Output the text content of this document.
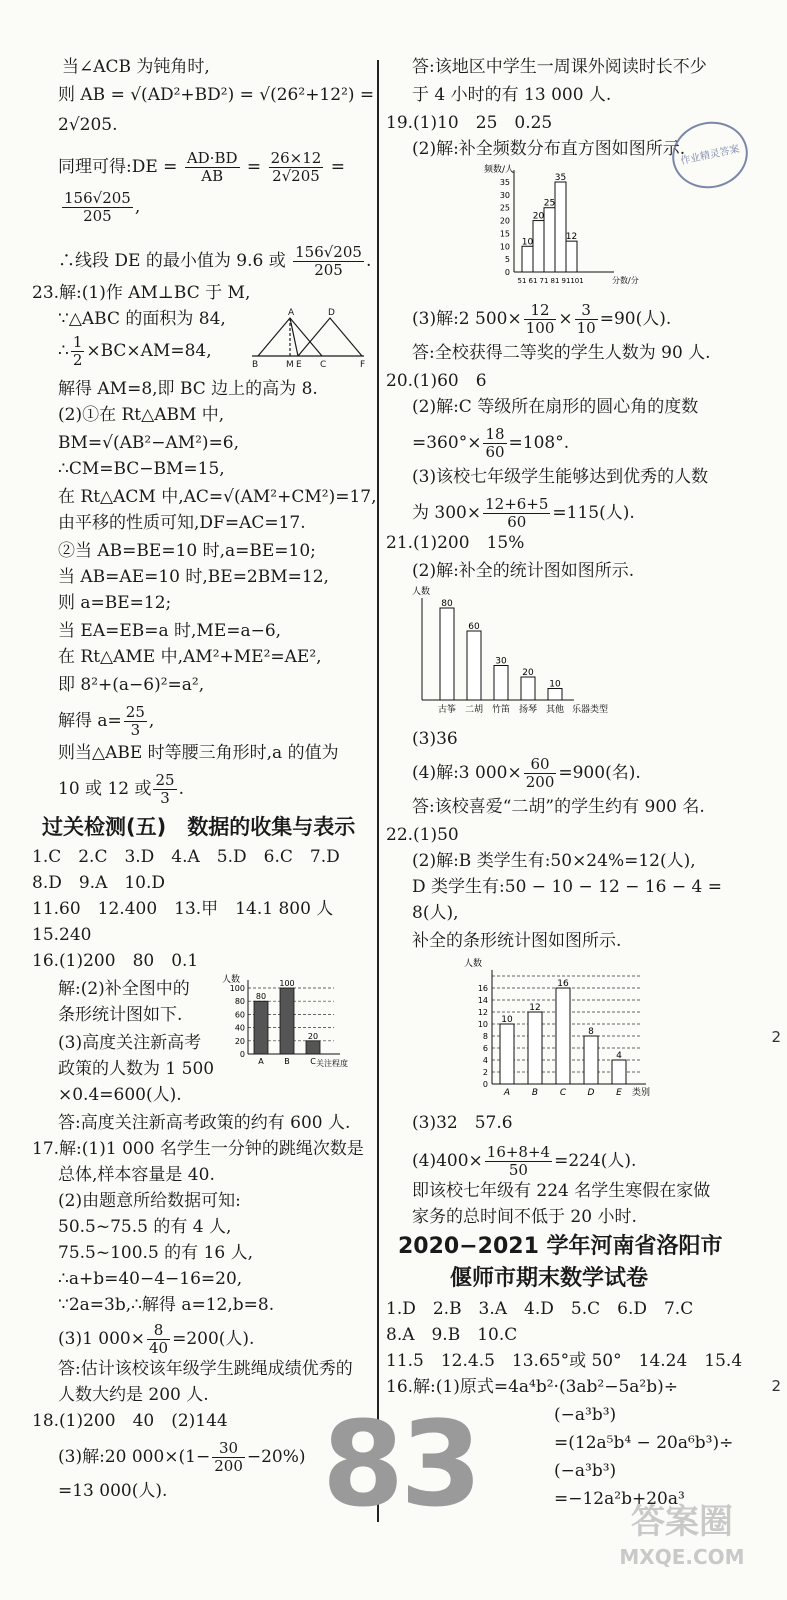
作业精灵答案
83	答案圈
MXQE.COM
2
2
当∠ACB 为钝角时,
则 AB = √(AD²+BD²) = √(26²+12²) =
2√205.
同理可得:DE = $\frac{AD\cdot BD}{AB} = \frac{26\times 12}{2√205}$ =
$\frac{156√205}{205}$ ,
∴线段 DE 的最小值为 9.6 或 $\frac{156√205}{205}$ .
23.解:(1)作 AM⊥BC 于 M,
∵△ABC 的面积为 84,
∴ $\frac{1}{2} \times BC\times AM=84$,
A	D
B	M E C	F
解得 AM=8,即 BC 边上的高为 8.
(2)①在 Rt△ABM 中,
BM=√(AB²−AM²)=6,
∴CM=BC−BM=15,
在 Rt△ACM 中,AC=√(AM²+CM²)=17,
由平移的性质可知,DF=AC=17.
②当 AB=BE=10 时,a=BE=10;
当 AB=AE=10 时,BE=2BM=12,
则 a=BE=12;
当 EA=EB=a 时,ME=a−6,
在 Rt△AME 中,AM²+ME²=AE²,
即 8²+(a−6)²=a²,
解得 $a= \frac{25}{3}$ ,
则当△ABE 时等腰三角形时,a 的值为
10 或 12 或 $\frac{25}{3}$ .
过关检测(五)　数据的收集与表示
1.C　2.C　3.D　4.A　5.D　6.C　7.D
8.D　9.A　10.D
11.60　12.400　13.甲　14.1 800 人
15.240
16.(1)200　80　0.1
解:(2)补全图中的
条形统计图如下.
(3)高度关注新高考
政策的人数为 1 500
×0.4=600(人).
人数
0
20
40
60
80
100
80
A
100
B
20
C 关注程度
答:高度关注新高考政策的约有 600 人.
17.解:(1)1 000 名学生一分钟的跳绳次数是
总体,样本容量是 40.
(2)由题意所给数据可知:
50.5~75.5 的有 4 人,
75.5~100.5 的有 16 人,
∴a+b=40−4−16=20,
∵2a=3b,∴解得 a=12,b=8.
(3)1 $000\times \frac{8}{40} =200$(人).
答:估计该校该年级学生跳绳成绩优秀的
人数大约是 200 人.
18.(1)200　40　(2)144
(3)解:20 $000\times(1- \frac{30}{200} -20\%)$
=13 000(人).
答:该地区中学生一周课外阅读时长不少
于 4 小时的有 13 000 人.
19.(1)10　25　0.25
(2)解:补全频数分布直方图如图所示.
频数/人
0
5
10
15
20
25
30
35
10
20
25
35
12
51 61 71 81 91 101	分数/分
(3)解:2 $500\times \frac{12}{100} \times \frac{3}{10} =90$(人).
答:全校获得二等奖的学生人数为 90 人.
20.(1)60　6
(2)解:C 等级所在扇形的圆心角的度数
$=360^\circ\times \frac{18}{60} =108^\circ$.
(3)该校七年级学生能够达到优秀的人数
为 $300\times \frac{12+6+5}{60} =115$(人).
21.(1)200　15%
(2)解:补全的统计图如图所示.
人数
80
古筝
60
二胡
30
竹笛
20
扬琴
10
其他 乐器类型
(3)36
(4)解:3 $000\times \frac{60}{200} =900$(名).
答:该校喜爱“二胡”的学生约有 900 名.
22.(1)50
(2)解:B 类学生有:50×24%=12(人),
D 类学生有:50 − 10 − 12 − 16 − 4 =
8(人),
补全的条形统计图如图所示.
人数
0
2
4
6
8
10
12
14
16
10
A
12
B
16
C
8
D
4
E 类别
(3)32　57.6
$(4)400\times \frac{16+8+4}{50} =224$(人).
即该校七年级有 224 名学生寒假在家做
家务的总时间不低于 20 小时.
2020−2021 学年河南省洛阳市
偃师市期末数学试卷
1.D　2.B　3.A　4.D　5.C　6.D　7.C
8.A　9.B　10.C
11.5　12.4.5　13.65°或 50°　14.24　15.4
16.解:(1)原式=4a⁴b²·(3ab²−5a²b)÷
(−a³b³)
=(12a⁵b⁴ − 20a⁶b³)÷
(−a³b³)
=−12a²b+20a³
